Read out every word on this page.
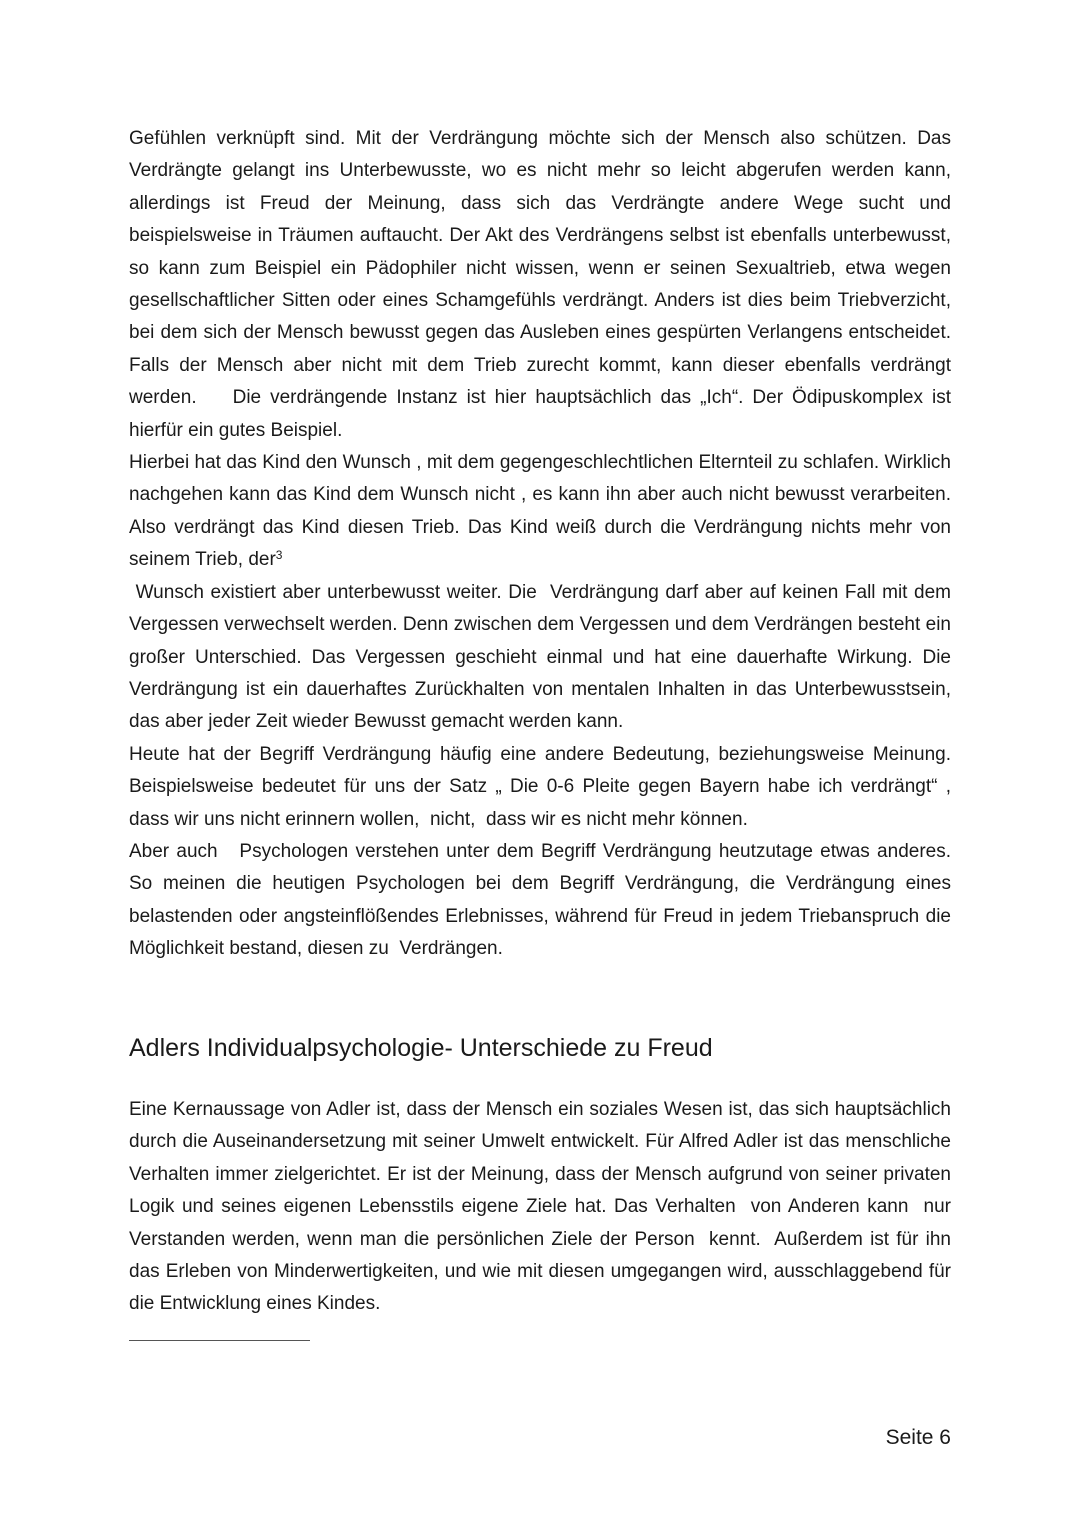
Gefühlen verknüpft sind. Mit der Verdrängung möchte sich der Mensch also schützen. Das Verdrängte gelangt ins Unterbewusste, wo es nicht mehr so leicht abgerufen werden kann, allerdings ist Freud der Meinung, dass sich das Verdrängte andere Wege sucht und beispielsweise in Träumen auftaucht. Der Akt des Verdrängens selbst ist ebenfalls unterbewusst, so kann zum Beispiel ein Pädophiler nicht wissen, wenn er seinen Sexualtrieb, etwa wegen gesellschaftlicher Sitten oder eines Schamgefühls verdrängt. Anders ist dies beim Triebverzicht, bei dem sich der Mensch bewusst gegen das Ausleben eines gespürten Verlangens entscheidet. Falls der Mensch aber nicht mit dem Trieb zurecht kommt, kann dieser ebenfalls verdrängt werden.    Die verdrängende Instanz ist hier hauptsächlich das „Ich“. Der Ödipuskomplex ist hierfür ein gutes Beispiel.

Hierbei hat das Kind den Wunsch , mit dem gegengeschlechtlichen Elternteil zu schlafen. Wirklich nachgehen kann das Kind dem Wunsch nicht , es kann ihn aber auch nicht bewusst verarbeiten. Also verdrängt das Kind diesen Trieb. Das Kind weiß durch die Verdrängung nichts mehr von seinem Trieb, der$^3$

Wunsch existiert aber unterbewusst weiter. Die  Verdrängung darf aber auf keinen Fall mit dem Vergessen verwechselt werden. Denn zwischen dem Vergessen und dem Verdrängen besteht ein großer Unterschied. Das Vergessen geschieht einmal und hat eine dauerhafte Wirkung. Die Verdrängung ist ein dauerhaftes Zurückhalten von mentalen Inhalten in das Unterbewusstsein, das aber jeder Zeit wieder Bewusst gemacht werden kann.

Heute hat der Begriff Verdrängung häufig eine andere Bedeutung, beziehungsweise Meinung. Beispielsweise bedeutet für uns der Satz „ Die 0-6 Pleite gegen Bayern habe ich verdrängt“ , dass wir uns nicht erinnern wollen,  nicht,  dass wir es nicht mehr können.

Aber auch   Psychologen verstehen unter dem Begriff Verdrängung heutzutage etwas anderes. So meinen die heutigen Psychologen bei dem Begriff Verdrängung, die Verdrängung eines belastenden oder angsteinflößendes Erlebnisses, während für Freud in jedem Triebanspruch die Möglichkeit bestand, diesen zu  Verdrängen.

Adlers Individualpsychologie- Unterschiede zu Freud

Eine Kernaussage von Adler ist, dass der Mensch ein soziales Wesen ist, das sich hauptsächlich  durch die Auseinandersetzung mit seiner Umwelt entwickelt. Für Alfred Adler ist das menschliche Verhalten immer zielgerichtet. Er ist der Meinung, dass der Mensch aufgrund von seiner privaten Logik und seines eigenen Lebensstils eigene Ziele hat. Das Verhalten  von Anderen kann  nur Verstanden werden, wenn man die persönlichen Ziele der Person  kennt.  Außerdem ist für ihn das Erleben von Minderwertigkeiten, und wie mit diesen umgegangen wird, ausschlaggebend für die Entwicklung eines Kindes.

Seite 6
